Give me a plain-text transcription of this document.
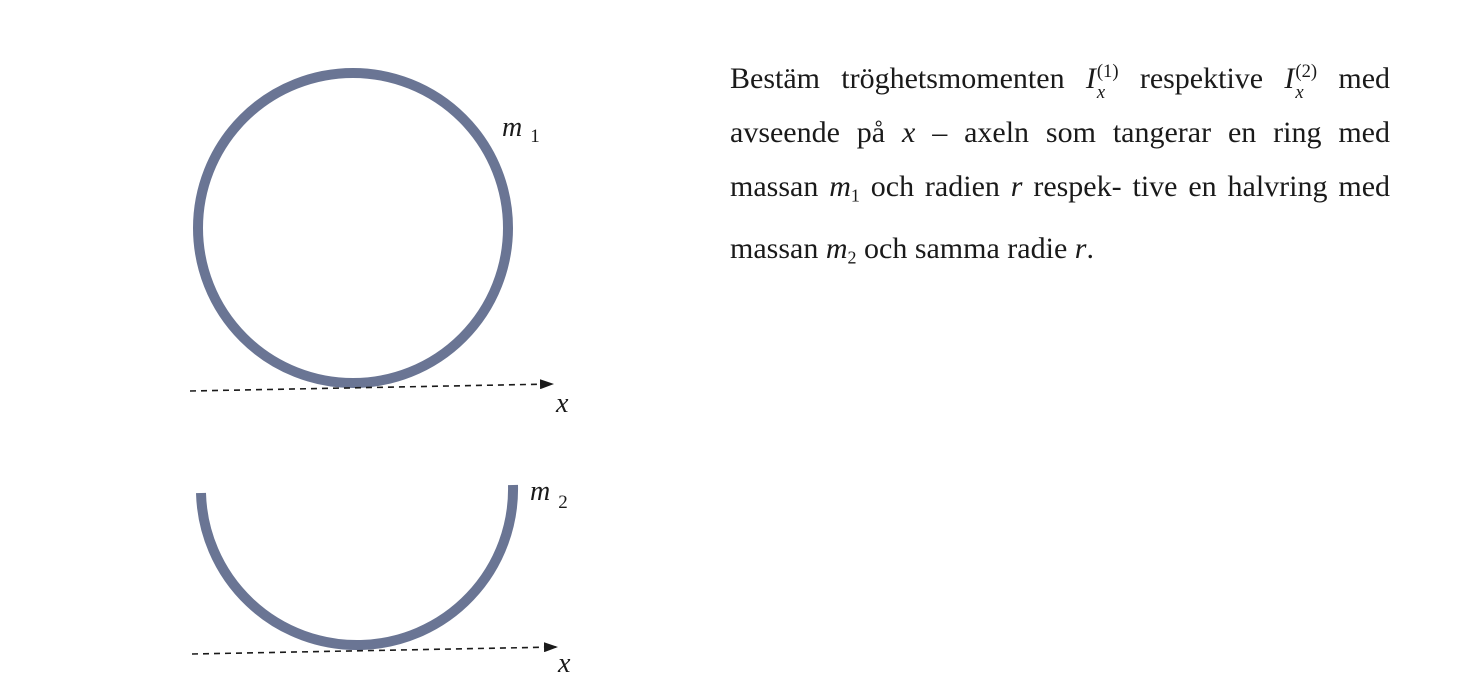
m $_1$
x
m $_2$
x

Bestäm tröghetsmomenten I (1)
x	respektive I (2)
x	med avseende på x – axeln som tangerar en ring med massan m1 och radien r respek- tive en halvring med massan m2 och samma radie r.
